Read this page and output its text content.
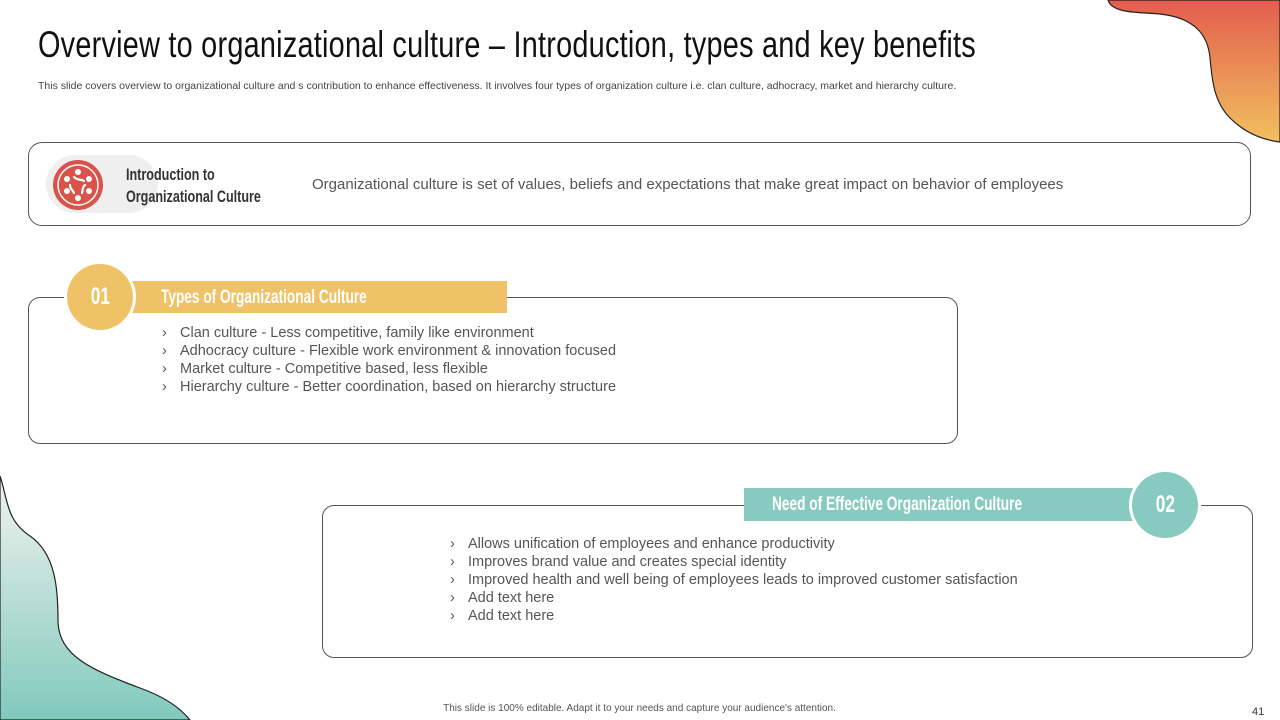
Overview to organizational culture – Introduction, types and key benefits

This slide covers overview to organizational culture and s contribution to enhance effectiveness. It involves four types of organization culture i.e. clan culture, adhocracy, market and hierarchy culture.

Introduction to
Organizational Culture

Organizational culture is set of values, beliefs and expectations that make great impact on behavior of employees

Types of Organizational Culture

01
› Clan culture - Less competitive, family like environment
› Adhocracy culture - Flexible work environment & innovation focused
› Market culture - Competitive based, less flexible
› Hierarchy culture - Better coordination, based on hierarchy structure

Need of Effective Organization Culture	02
› Allows unification of employees and enhance productivity
› Improves brand value and creates special identity
› Improved health and well being of employees leads to improved customer satisfaction
› Add text here
› Add text here

This slide is 100% editable. Adapt it to your needs and capture your audience's attention.	41
